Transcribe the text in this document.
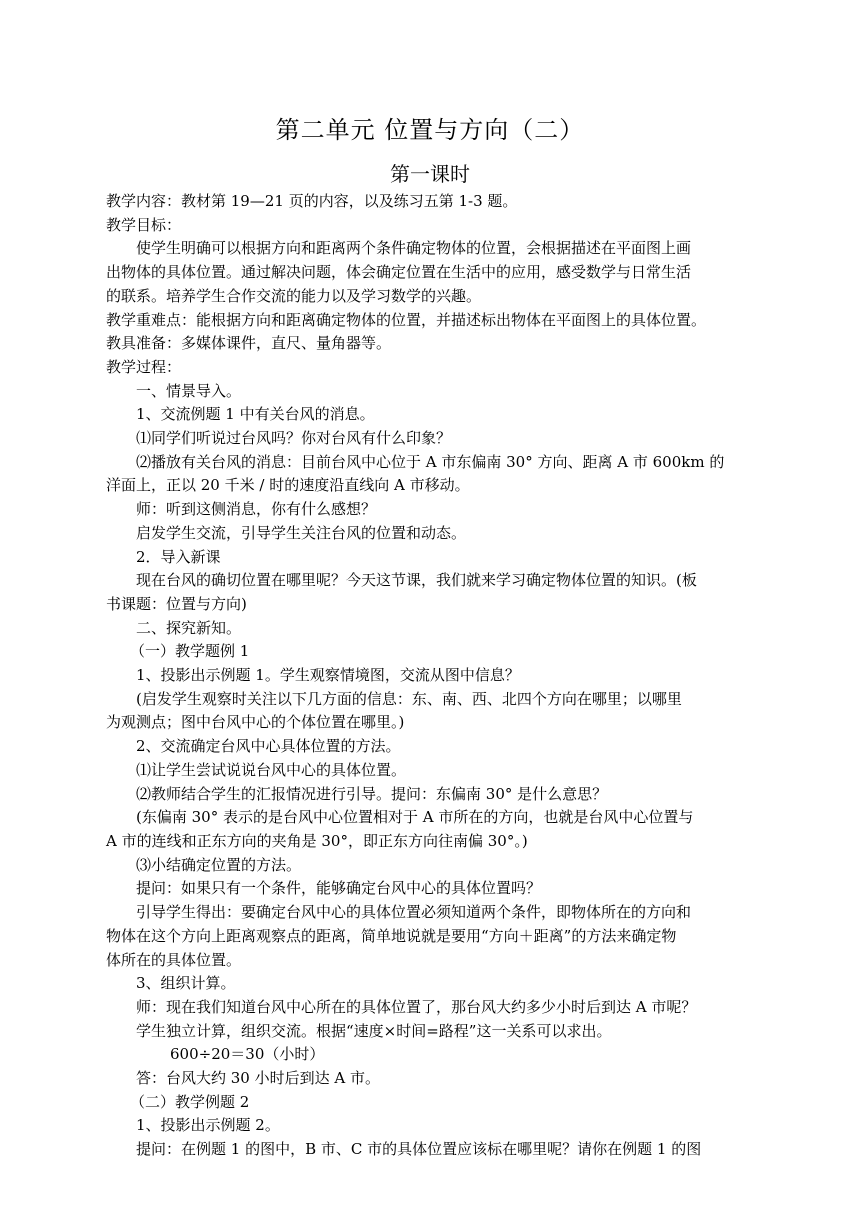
第二单元 位置与方向（二）
第一课时

教学内容：教材第 19—21 页的内容，以及练习五第 1-3 题。

教学目标：

使学生明确可以根据方向和距离两个条件确定物体的位置，会根据描述在平面图上画

出物体的具体位置。通过解决问题，体会确定位置在生活中的应用，感受数学与日常生活

的联系。培养学生合作交流的能力以及学习数学的兴趣。

教学重难点：能根据方向和距离确定物体的位置，并描述标出物体在平面图上的具体位置。

教具准备：多媒体课件，直尺、量角器等。

教学过程：

一、情景导入。

1、交流例题 1 中有关台风的消息。

⑴同学们听说过台风吗？你对台风有什么印象？

⑵播放有关台风的消息：目前台风中心位于 A 市东偏南 30° 方向、距离 A 市 600km 的

洋面上，正以 20 千米 / 时的速度沿直线向 A 市移动。

师：听到这侧消息，你有什么感想？

启发学生交流，引导学生关注台风的位置和动态。

2．导入新课

现在台风的确切位置在哪里呢？今天这节课，我们就来学习确定物体位置的知识。(板

书课题：位置与方向)

二、探究新知。

（一）教学题例 1

1、投影出示例题 1。学生观察情境图，交流从图中信息？

(启发学生观察时关注以下几方面的信息：东、南、西、北四个方向在哪里；以哪里

为观测点；图中台风中心的个体位置在哪里。)

2、交流确定台风中心具体位置的方法。

⑴让学生尝试说说台风中心的具体位置。

⑵教师结合学生的汇报情况进行引导。提问：东偏南 30° 是什么意思？

(东偏南 30° 表示的是台风中心位置相对于 A 市所在的方向，也就是台风中心位置与

A 市的连线和正东方向的夹角是 30°，即正东方向往南偏 30°。)

⑶小结确定位置的方法。

提问：如果只有一个条件，能够确定台风中心的具体位置吗？

引导学生得出：要确定台风中心的具体位置必须知道两个条件，即物体所在的方向和

物体在这个方向上距离观察点的距离，简单地说就是要用“方向＋距离”的方法来确定物

体所在的具体位置。

3、组织计算。

师：现在我们知道台风中心所在的具体位置了，那台风大约多少小时后到达 A 市呢？

学生独立计算，组织交流。根据“速度×时间=路程”这一关系可以求出。

600÷20＝30（小时）

答：台风大约 30 小时后到达 A 市。

（二）教学例题 2

1、投影出示例题 2。

提问：在例题 1 的图中，B 市、C 市的具体位置应该标在哪里呢？请你在例题 1 的图
